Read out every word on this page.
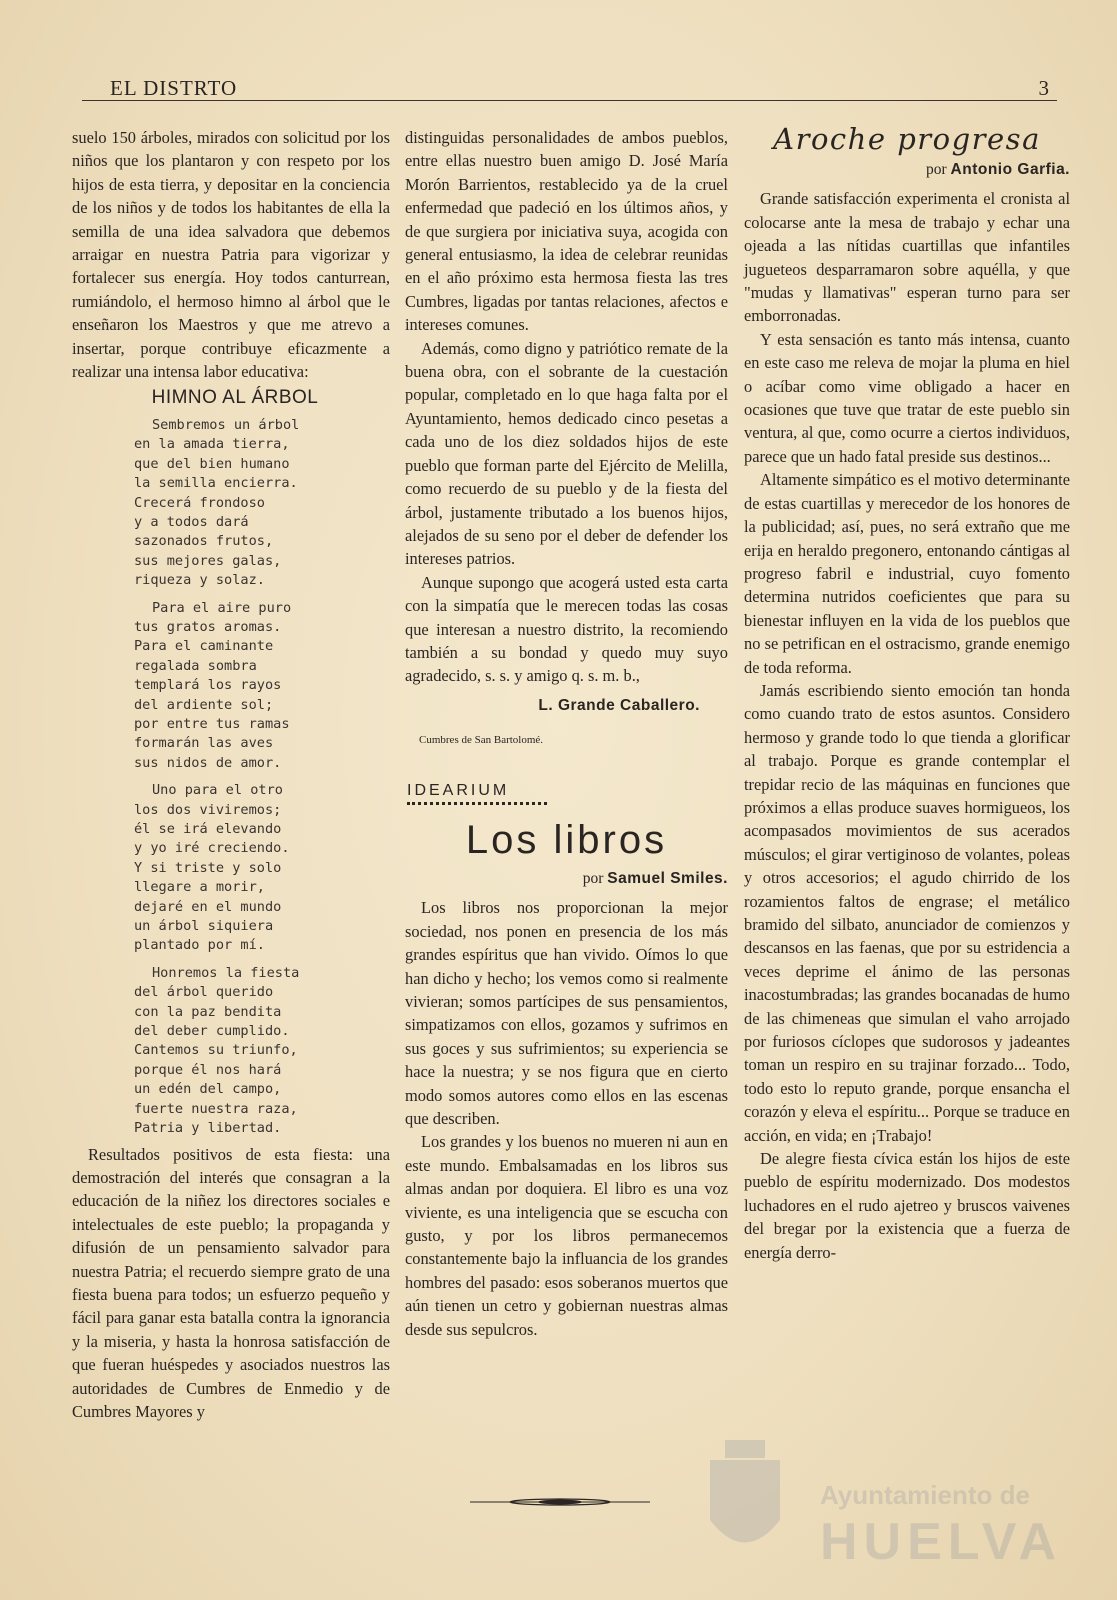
EL DISTRTO	3

suelo 150 árboles, mirados con solicitud por los niños que los plantaron y con respeto por los hijos de esta tierra, y depositar en la conciencia de los niños y de todos los habitantes de ella la semilla de una idea salvadora que debemos arraigar en nuestra Patria para vigorizar y fortalecer sus energía. Hoy todos canturrean, rumiándolo, el hermoso himno al árbol que le enseñaron los Maestros y que me atrevo a insertar, porque contribuye eficazmente a realizar una intensa labor educativa:

HIMNO AL ÁRBOL
Sembremos un árbol
en la amada tierra,
que del bien humano
la semilla encierra.
Crecerá frondoso
y a todos dará
sazonados frutos,
sus mejores galas,
riqueza y solaz.
Para el aire puro
tus gratos aromas.
Para el caminante
regalada sombra
templará los rayos
del ardiente sol;
por entre tus ramas
formarán las aves
sus nidos de amor.
Uno para el otro
los dos viviremos;
él se irá elevando
y yo iré creciendo.
Y si triste y solo
llegare a morir,
dejaré en el mundo
un árbol siquiera
plantado por mí.
Honremos la fiesta
del árbol querido
con la paz bendita
del deber cumplido.
Cantemos su triunfo,
porque él nos hará
un edén del campo,
fuerte nuestra raza,
Patria y libertad.

Resultados positivos de esta fiesta: una demostración del interés que consagran a la educación de la niñez los directores sociales e intelectuales de este pueblo; la propaganda y difusión de un pensamiento salvador para nuestra Patria; el recuerdo siempre grato de una fiesta buena para todos; un esfuerzo pequeño y fácil para ganar esta batalla contra la ignorancia y la miseria, y hasta la honrosa satisfacción de que fueran huéspedes y asociados nuestros las autoridades de Cumbres de Enmedio y de Cumbres Mayores y

distinguidas personalidades de ambos pueblos, entre ellas nuestro buen amigo D. José María Morón Barrientos, restablecido ya de la cruel enfermedad que padeció en los últimos años, y de que surgiera por iniciativa suya, acogida con general entusiasmo, la idea de celebrar reunidas en el año próximo esta hermosa fiesta las tres Cumbres, ligadas por tantas relaciones, afectos e intereses comunes.

Además, como digno y patriótico remate de la buena obra, con el sobrante de la cuestación popular, completado en lo que haga falta por el Ayuntamiento, hemos dedicado cinco pesetas a cada uno de los diez soldados hijos de este pueblo que forman parte del Ejército de Melilla, como recuerdo de su pueblo y de la fiesta del árbol, justamente tributado a los buenos hijos, alejados de su seno por el deber de defender los intereses patrios.

Aunque supongo que acogerá usted esta carta con la simpatía que le merecen todas las cosas que interesan a nuestro distrito, la recomiendo también a su bondad y quedo muy suyo agradecido, s. s. y amigo q. s. m. b.,

L. Grande Caballero.
Cumbres de San Bartolomé.
IDEARIUM
Los libros
por Samuel Smiles.

Los libros nos proporcionan la mejor sociedad, nos ponen en presencia de los más grandes espíritus que han vivido. Oímos lo que han dicho y hecho; los vemos como si realmente vivieran; somos partícipes de sus pensamientos, simpatizamos con ellos, gozamos y sufrimos en sus goces y sus sufrimientos; su experiencia se hace la nuestra; y se nos figura que en cierto modo somos autores como ellos en las escenas que describen.

Los grandes y los buenos no mueren ni aun en este mundo. Embalsamadas en los libros sus almas andan por doquiera. El libro es una voz viviente, es una inteligencia que se escucha con gusto, y por los libros permanecemos constantemente bajo la influancia de los grandes hombres del pasado: esos soberanos muertos que aún tienen un cetro y gobiernan nuestras almas desde sus sepulcros.

Aroche progresa
por Antonio Garfia.

Grande satisfacción experimenta el cronista al colocarse ante la mesa de trabajo y echar una ojeada a las nítidas cuartillas que infantiles jugueteos desparramaron sobre aquélla, y que "mudas y llamativas" esperan turno para ser emborronadas.

Y esta sensación es tanto más intensa, cuanto en este caso me releva de mojar la pluma en hiel o acíbar como vime obligado a hacer en ocasiones que tuve que tratar de este pueblo sin ventura, al que, como ocurre a ciertos individuos, parece que un hado fatal preside sus destinos...

Altamente simpático es el motivo determinante de estas cuartillas y merecedor de los honores de la publicidad; así, pues, no será extraño que me erija en heraldo pregonero, entonando cántigas al progreso fabril e industrial, cuyo fomento determina nutridos coeficientes que para su bienestar influyen en la vida de los pueblos que no se petrifican en el ostracismo, grande enemigo de toda reforma.

Jamás escribiendo siento emoción tan honda como cuando trato de estos asuntos. Considero hermoso y grande todo lo que tienda a glorificar al trabajo. Porque es grande contemplar el trepidar recio de las máquinas en funciones que próximos a ellas produce suaves hormigueos, los acompasados movimientos de sus acerados músculos; el girar vertiginoso de volantes, poleas y otros accesorios; el agudo chirrido de los rozamientos faltos de engrase; el metálico bramido del silbato, anunciador de comienzos y descansos en las faenas, que por su estridencia a veces deprime el ánimo de las personas inacostumbradas; las grandes bocanadas de humo de las chimeneas que simulan el vaho arrojado por furiosos cíclopes que sudorosos y jadeantes toman un respiro en su trajinar forzado... Todo, todo esto lo reputo grande, porque ensancha el corazón y eleva el espíritu... Porque se traduce en acción, en vida; en ¡Trabajo!

De alegre fiesta cívica están los hijos de este pueblo de espíritu modernizado. Dos modestos luchadores en el rudo ajetreo y bruscos vaivenes del bregar por la existencia que a fuerza de energía derro-

Ayuntamiento de
HUELVA
